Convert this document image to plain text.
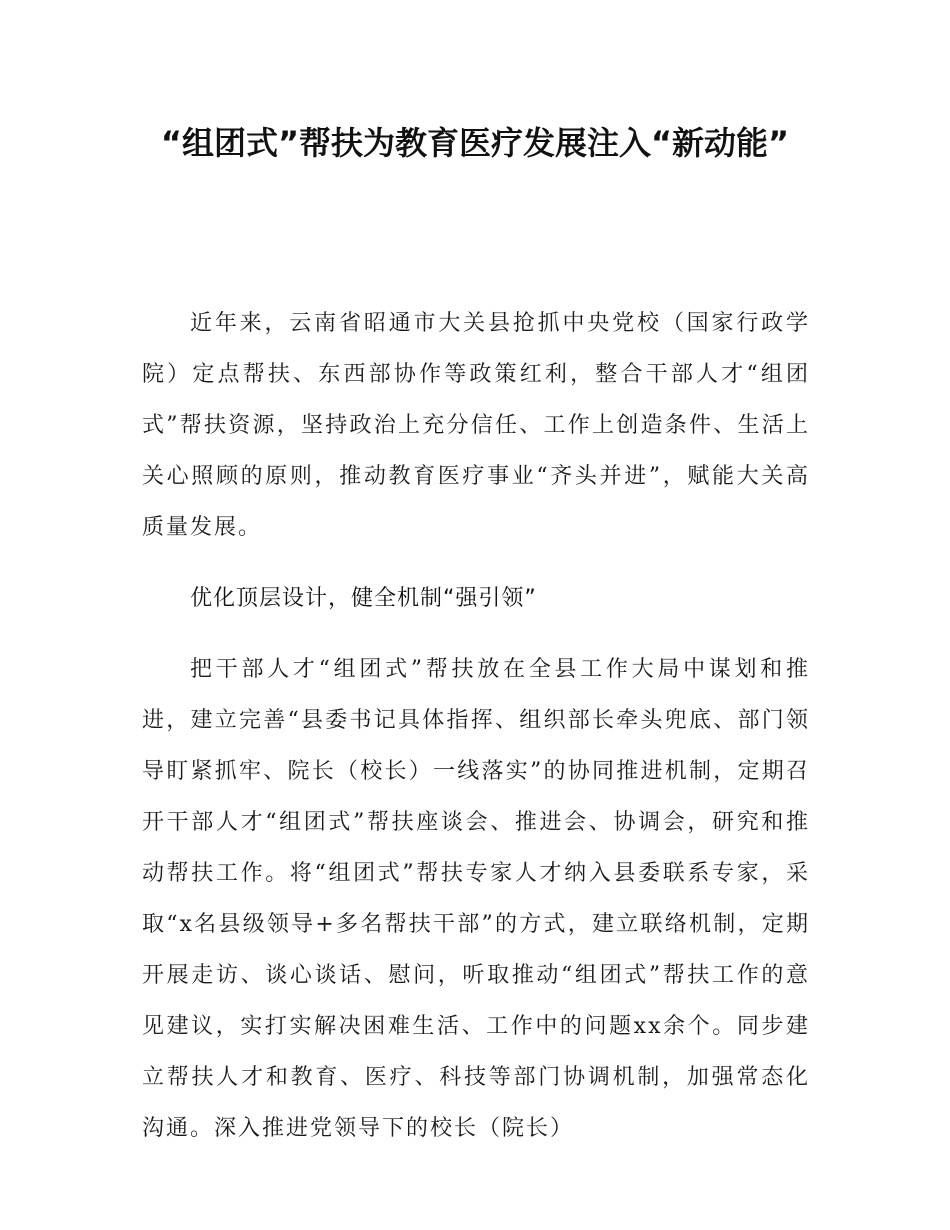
“组团式”帮扶为教育医疗发展注入“新动能”

近年来，云南省昭通市大关县抢抓中央党校（国家行政学院）定点帮扶、东西部协作等政策红利，整合干部人才“组团式”帮扶资源，坚持政治上充分信任、工作上创造条件、生活上关心照顾的原则，推动教育医疗事业“齐头并进”，赋能大关高质量发展。

优化顶层设计，健全机制“强引领”

把干部人才“组团式”帮扶放在全县工作大局中谋划和推进，建立完善“县委书记具体指挥、组织部长牵头兜底、部门领导盯紧抓牢、院长（校长）一线落实”的协同推进机制，定期召开干部人才“组团式”帮扶座谈会、推进会、协调会，研究和推动帮扶工作。将“组团式”帮扶专家人才纳入县委联系专家，采取“x名县级领导+多名帮扶干部”的方式，建立联络机制，定期开展走访、谈心谈话、慰问，听取推动“组团式”帮扶工作的意见建议，实打实解决困难生活、工作中的问题xx余个。同步建立帮扶人才和教育、医疗、科技等部门协调机制，加强常态化沟通。深入推进党领导下的校长（院长）
